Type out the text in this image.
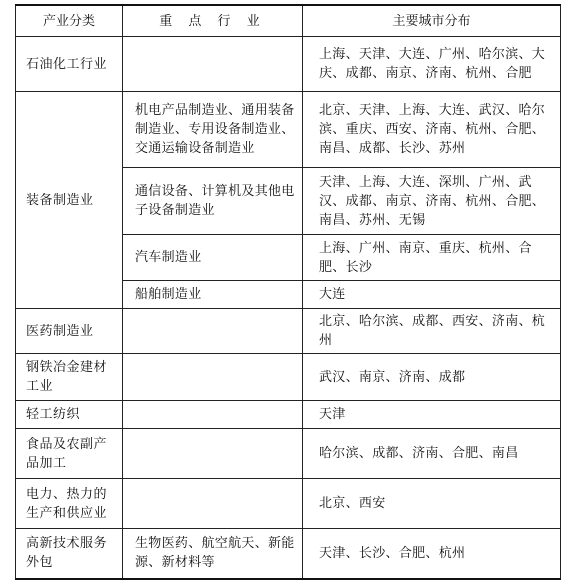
产业分类	重 点 行 业	主要城市分布
石油化工行业		上海、天津、大连、广州、哈尔滨、大庆、成都、南京、济南、杭州、合肥
装备制造业	机电产品制造业、通用装备制造业、专用设备制造业、交通运输设备制造业	北京、天津、上海、大连、武汉、哈尔滨、重庆、西安、济南、杭州、合肥、南昌、成都、长沙、苏州
	通信设备、计算机及其他电子设备制造业	天津、上海、大连、深圳、广州、武汉、成都、南京、济南、杭州、合肥、南昌、苏州、无锡
	汽车制造业	上海、广州、南京、重庆、杭州、合肥、长沙
	船舶制造业	大连
医药制造业		北京、哈尔滨、成都、西安、济南、杭州
钢铁冶金建材工业		武汉、南京、济南、成都
轻工纺织		天津
食品及农副产品加工		哈尔滨、成都、济南、合肥、南昌
电力、热力的生产和供应业		北京、西安
高新技术服务外包	生物医药、航空航天、新能源、新材料等	天津、长沙、合肥、杭州
